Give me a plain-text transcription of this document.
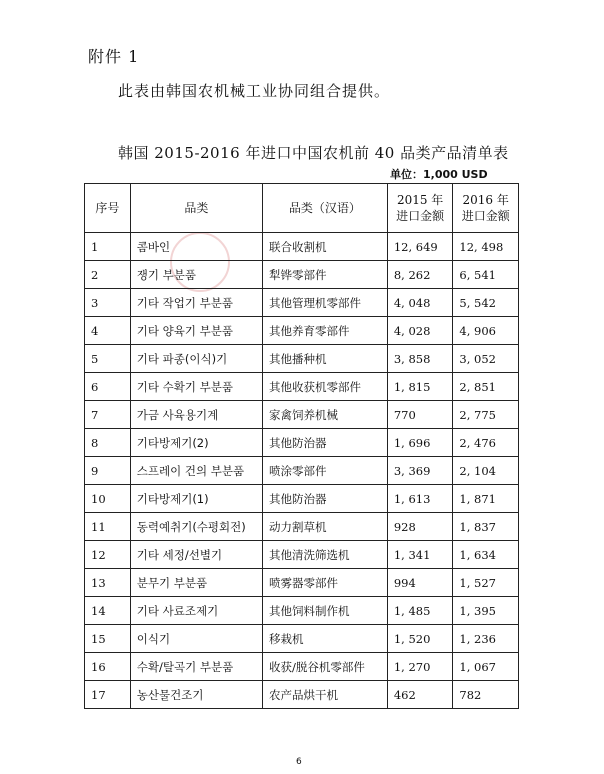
附件 1
此表由韩国农机械工业协同组合提供。
韩国 2015-2016 年进口中国农机前 40 品类产品清单表
单位：1,000 USD
序号	品类	品类（汉语）	2015 年进口金额	2016 年进口金额
1	콤바인	联合收割机	12, 649	12, 498
2	쟁기 부분품	犁铧零部件	8, 262	6, 541
3	기타 작업기 부분품	其他管理机零部件	4, 048	5, 542
4	기타 양육기 부분품	其他养育零部件	4, 028	4, 906
5	기타 파종(이식)기	其他播种机	3, 858	3, 052
6	기타 수확기 부분품	其他收获机零部件	1, 815	2, 851
7	가금 사육용기계	家禽饲养机械	770	2, 775
8	기타방제기(2)	其他防治器	1, 696	2, 476
9	스프레이 건의 부분품	喷涂零部件	3, 369	2, 104
10	기타방제기(1)	其他防治器	1, 613	1, 871
11	동력예취기(수평회전)	动力割草机	928	1, 837
12	기타 세정/선별기	其他清洗筛选机	1, 341	1, 634
13	분무기 부분품	喷雾器零部件	994	1, 527
14	기타 사료조제기	其他饲料制作机	1, 485	1, 395
15	이식기	移栽机	1, 520	1, 236
16	수확/탈곡기 부분품	收获/脱谷机零部件	1, 270	1, 067
17	농산물건조기	农产品烘干机	462	782
6
